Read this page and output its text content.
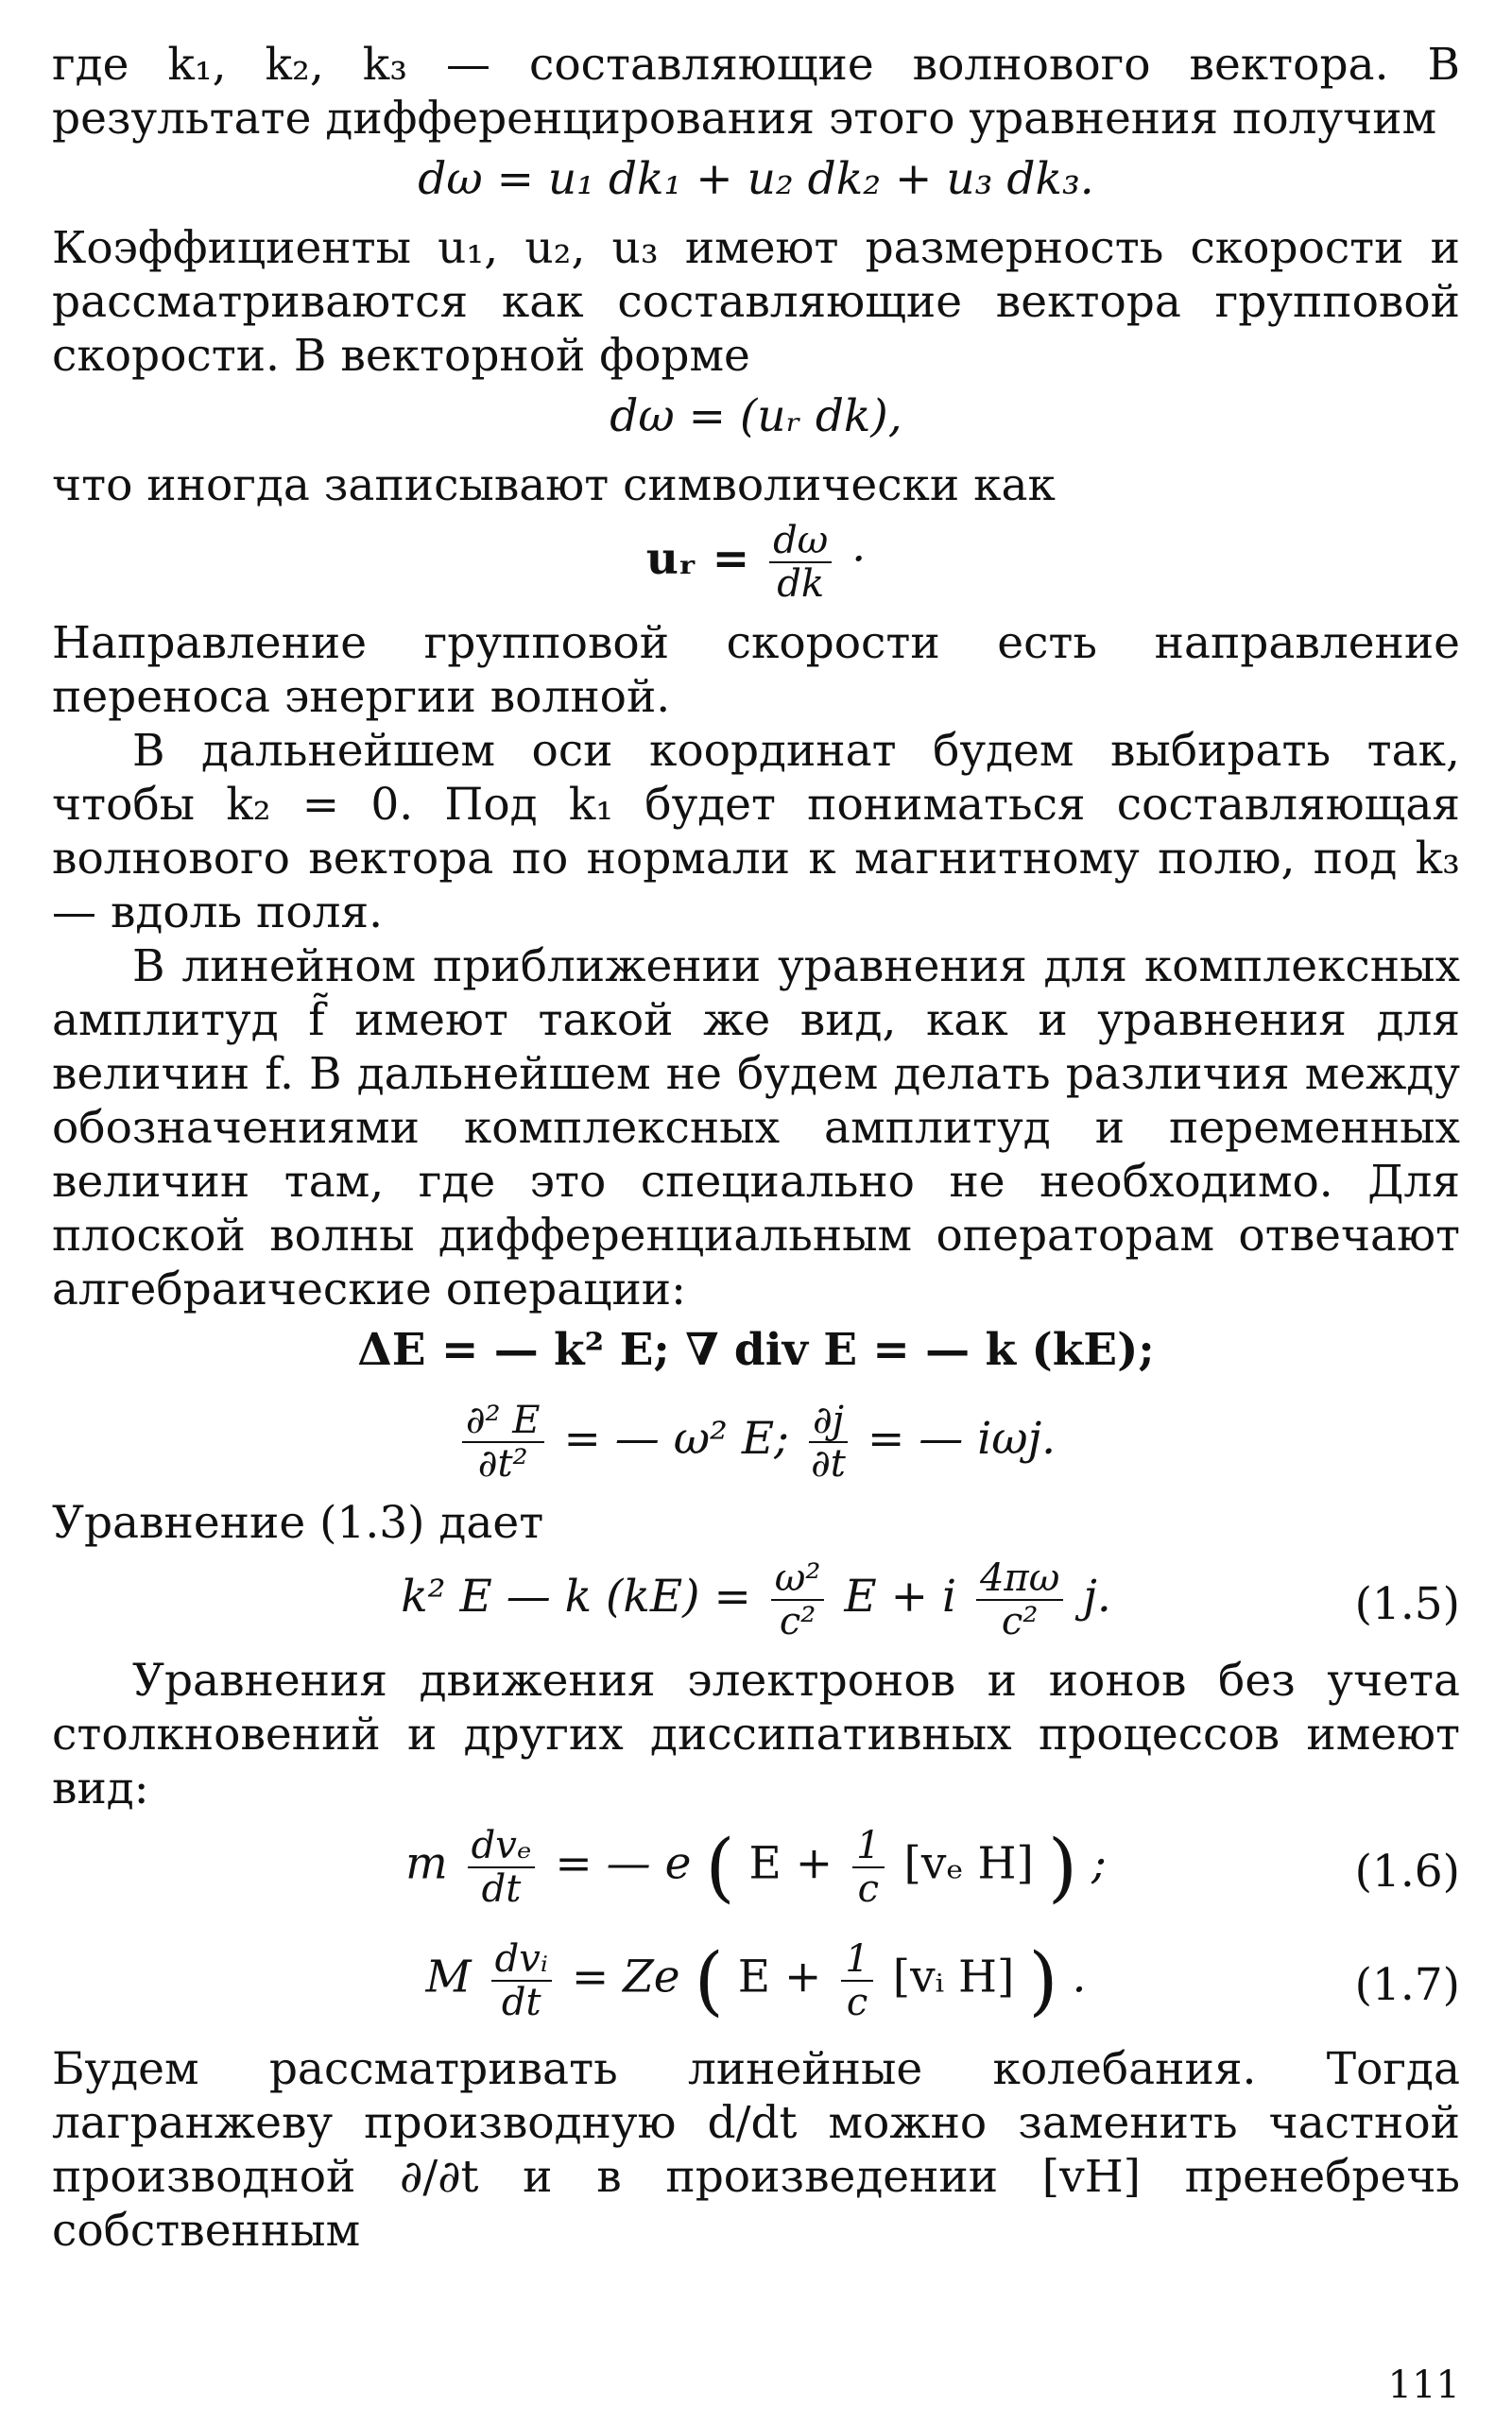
где k₁, k₂, k₃ — составляющие волнового вектора. В результате дифференцирования этого уравнения получим

dω = u₁ dk₁ + u₂ dk₂ + u₃ dk₃.

Коэффициенты u₁, u₂, u₃ имеют размерность скорости и рассматриваются как составляющие вектора групповой скорости. В векторной форме

dω = (uᵣ dk),

что иногда записывают символически как

uᵣ = $\frac{d\omega}{dk}$ ·

Направление групповой скорости есть направление переноса энергии волной.

В дальнейшем оси координат будем выбирать так, чтобы k₂ = 0. Под k₁ будет пониматься составляющая волнового вектора по нормали к магнитному полю, под k₃ — вдоль поля.

В линейном приближении уравнения для комплексных амплитуд f̃ имеют такой же вид, как и уравнения для величин f. В дальнейшем не будем делать различия между обозначениями комплексных амплитуд и переменных величин там, где это специально не необходимо. Для плоской волны дифференциальным операторам отвечают алгебраические операции:

ΔE = — k² E; ∇ div E = — k (kE);
$\frac{\text{∂² E}}{\text{∂t²}}$ = — ω² E; $\frac{\partial j}{\partial t}$ = — iωj.

Уравнение (1.3) дает

k² E — k $(kE) = \frac{\text{ω²}}{\text{c²}}$ E + i $\frac{4\pi\omega}{\text{c²}} j$.	(1.5)

Уравнения движения электронов и ионов без учета столкновений и других диссипативных процессов имеют вид:

m $\frac{\text{dvₑ}}{dt}$ = — e ( $E + \frac{1}{c} [v_e$ H] ) ;	(1.6)
M $\frac{\text{dvᵢ}}{dt} = Ze$ ( $E + \frac{1}{c}$ [vᵢ H] ) .	(1.7)

Будем рассматривать линейные колебания. Тогда лагранжеву производную d/dt можно заменить частной производной ∂/∂t и в произведении [vH] пренебречь собственным

111
